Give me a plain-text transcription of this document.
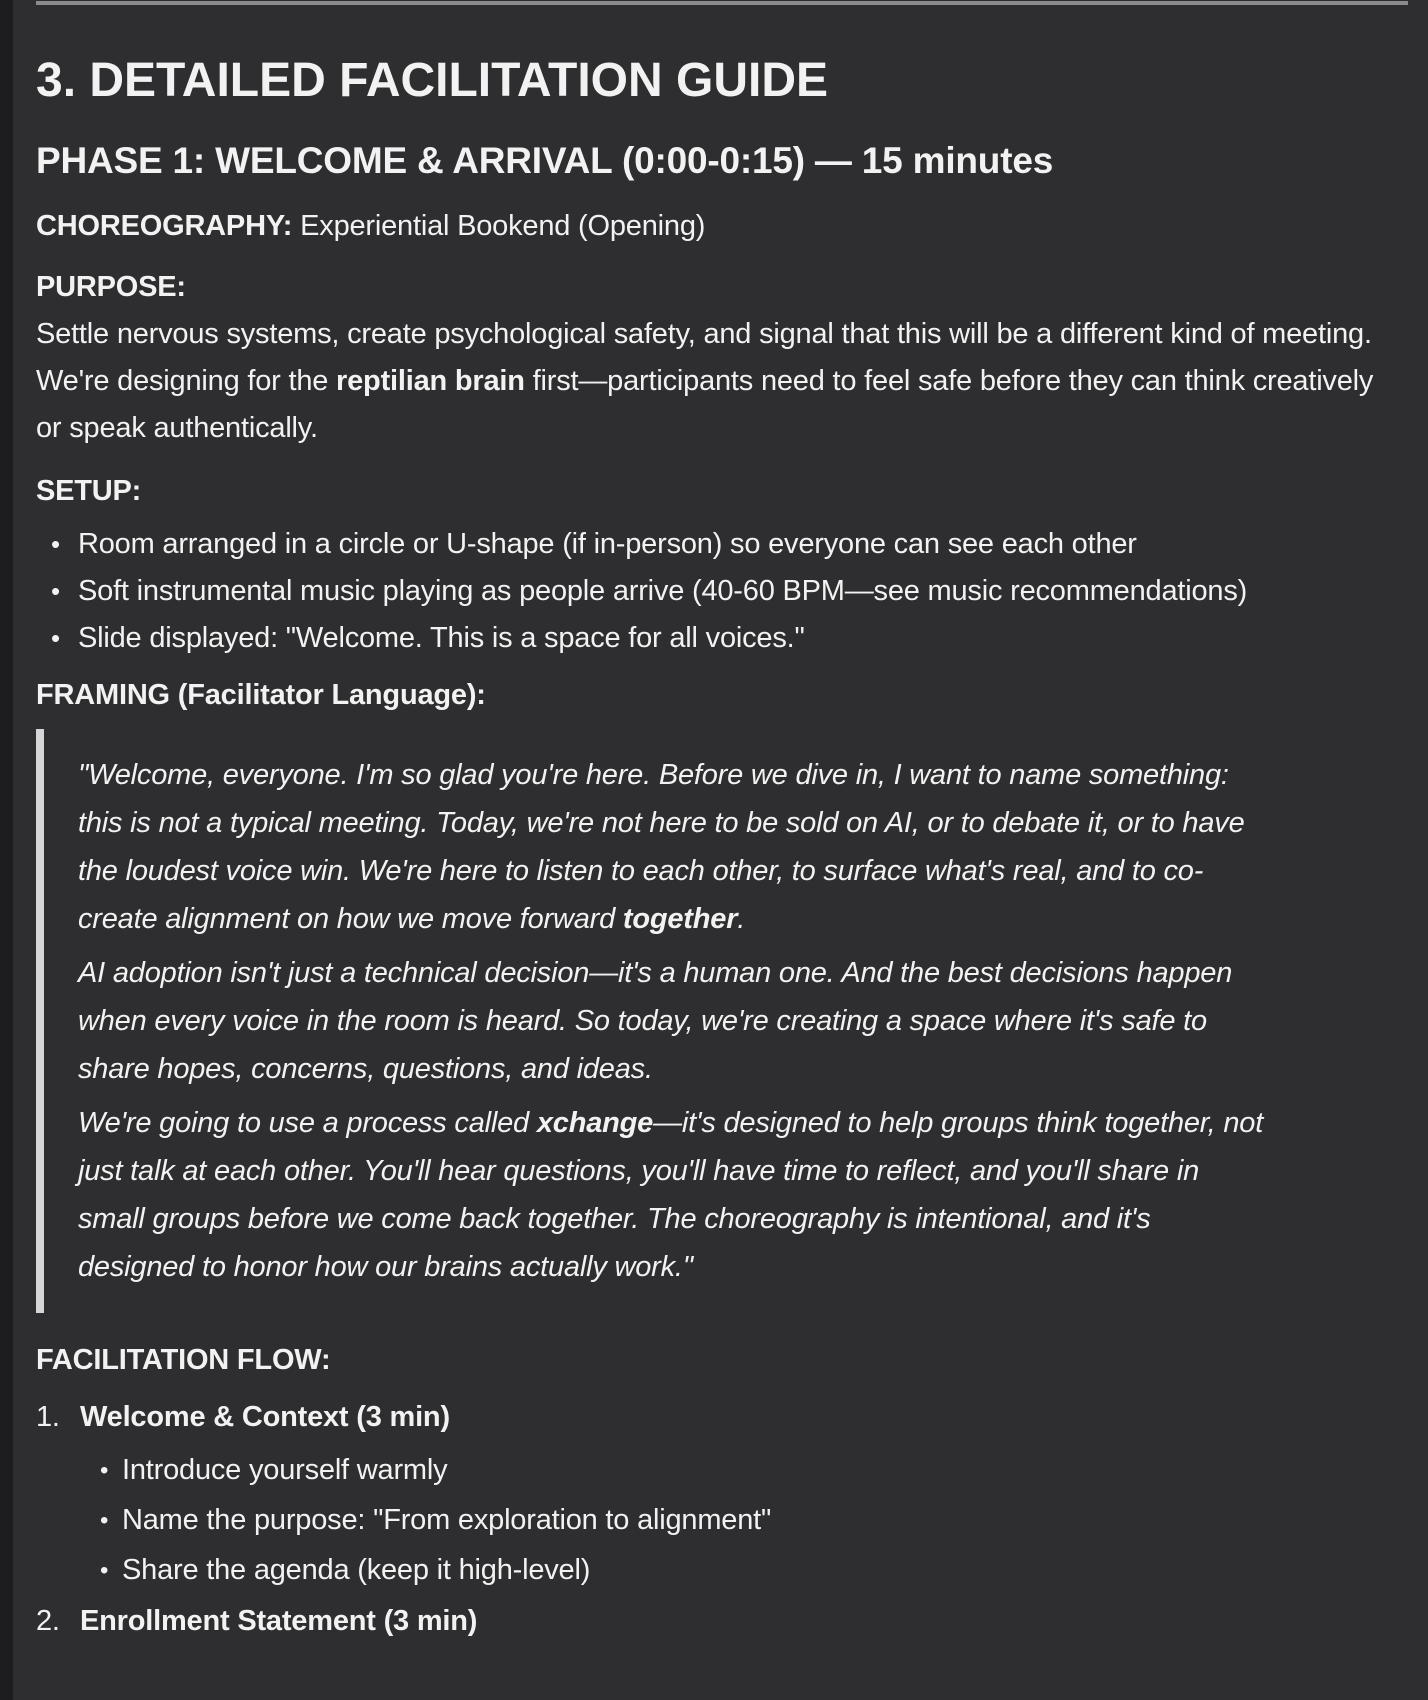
3. DETAILED FACILITATION GUIDE
PHASE 1: WELCOME & ARRIVAL (0:00-0:15) — 15 minutes

CHOREOGRAPHY: Experiential Bookend (Opening)

PURPOSE:

Settle nervous systems, create psychological safety, and signal that this will be a different kind of meeting. We're designing for the reptilian brain first—participants need to feel safe before they can think creatively or speak authentically.

SETUP:

• Room arranged in a circle or U-shape (if in-person) so everyone can see each other
• Soft instrumental music playing as people arrive (40-60 BPM—see music recommendations)
• Slide displayed: "Welcome. This is a space for all voices."

FRAMING (Facilitator Language):

"Welcome, everyone. I'm so glad you're here. Before we dive in, I want to name something: this is not a typical meeting. Today, we're not here to be sold on AI, or to debate it, or to have the loudest voice win. We're here to listen to each other, to surface what's real, and to co-create alignment on how we move forward together.

AI adoption isn't just a technical decision—it's a human one. And the best decisions happen when every voice in the room is heard. So today, we're creating a space where it's safe to share hopes, concerns, questions, and ideas.

We're going to use a process called xchange—it's designed to help groups think together, not just talk at each other. You'll hear questions, you'll have time to reflect, and you'll share in small groups before we come back together. The choreography is intentional, and it's designed to honor how our brains actually work."

FACILITATION FLOW:

1. Welcome & Context (3 min)
• Introduce yourself warmly
• Name the purpose: "From exploration to alignment"
• Share the agenda (keep it high-level)
2. Enrollment Statement (3 min)
